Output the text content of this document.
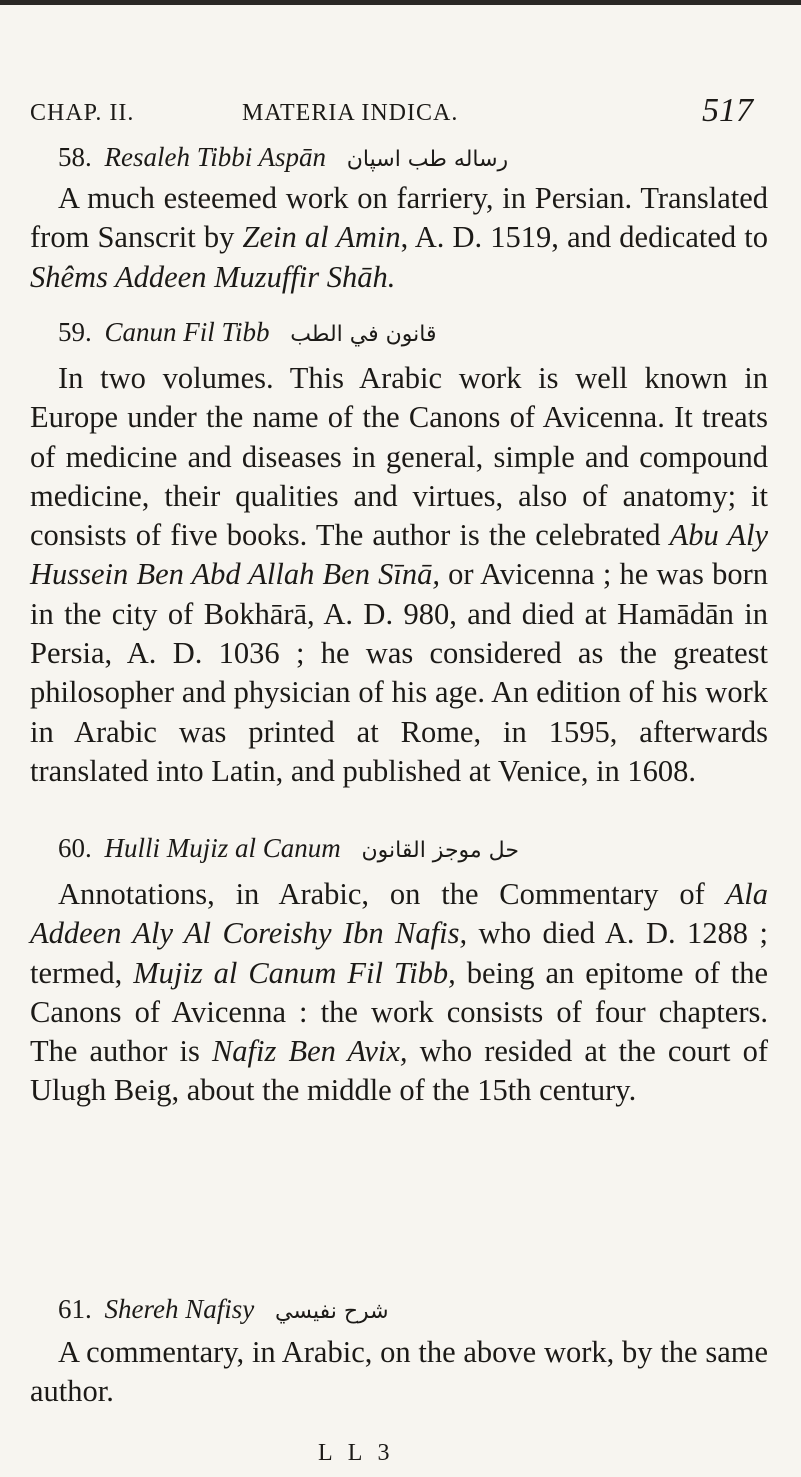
CHAP. II.	MATERIA INDICA.	517
58. Resaleh Tibbi Aspān رساله طب اسپان

A much esteemed work on farriery, in Persian. Translated from Sanscrit by Zein al Amin, A. D. 1519, and dedicated to Shêms Addeen Muzuffir Shāh.

59. Canun Fil Tibb قانون في الطب

In two volumes. This Arabic work is well known in Europe under the name of the Canons of Avicenna. It treats of medicine and diseases in general, simple and compound medicine, their qualities and virtues, also of anatomy; it consists of five books. The author is the celebrated Abu Aly Hussein Ben Abd Allah Ben Sīnā, or Avicenna ; he was born in the city of Bokhārā, A. D. 980, and died at Hamādān in Persia, A. D. 1036 ; he was considered as the greatest philosopher and physician of his age. An edition of his work in Arabic was printed at Rome, in 1595, afterwards translated into Latin, and published at Venice, in 1608.

60. Hulli Mujiz al Canum حل موجز القانون

Annotations, in Arabic, on the Commentary of Ala Addeen Aly Al Coreishy Ibn Nafis, who died A. D. 1288 ; termed, Mujiz al Canum Fil Tibb, being an epitome of the Canons of Avicenna : the work consists of four chapters. The author is Nafiz Ben Avix, who resided at the court of Ulugh Beig, about the middle of the 15th century.

61. Shereh Nafisy شرح نفيسي

A commentary, in Arabic, on the above work, by the same author.

L L 3
